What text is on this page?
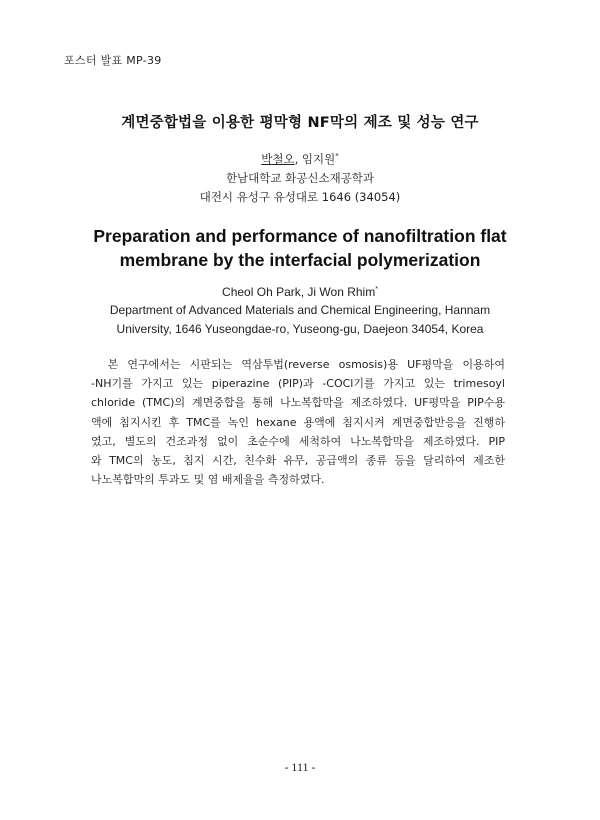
포스터 발표 MP-39
계면중합법을 이용한 평막형 NF막의 제조 및 성능 연구
박철오, 임지원*
한남대학교 화공신소재공학과
대전시 유성구 유성대로 1646 (34054)
Preparation and performance of nanofiltration flat
membrane by the interfacial polymerization
Cheol Oh Park, Ji Won Rhim*
Department of Advanced Materials and Chemical Engineering, Hannam
University, 1646 Yuseongdae-ro, Yuseong-gu, Daejeon 34054, Korea
　본 연구에서는 시판되는 역삼투법(reverse osmosis)용 UF평막을 이용하여
-NH기를 가지고 있는 piperazine (PIP)과 -COCl기를 가지고 있는 trimesoyl
chloride (TMC)의 계면중합을 통해 나노복합막을 제조하였다. UF평막을 PIP수용
액에 침지시킨 후 TMC를 녹인 hexane 용액에 침지시켜 계면중합반응을 진행하
였고, 별도의 건조과정 없이 초순수에 세척하여 나노복합막을 제조하였다. PIP
와 TMC의 농도, 침지 시간, 친수화 유무, 공급액의 종류 등을 달리하여 제조한
나노복합막의 투과도 및 염 배제율을 측정하였다.
- 111 -
